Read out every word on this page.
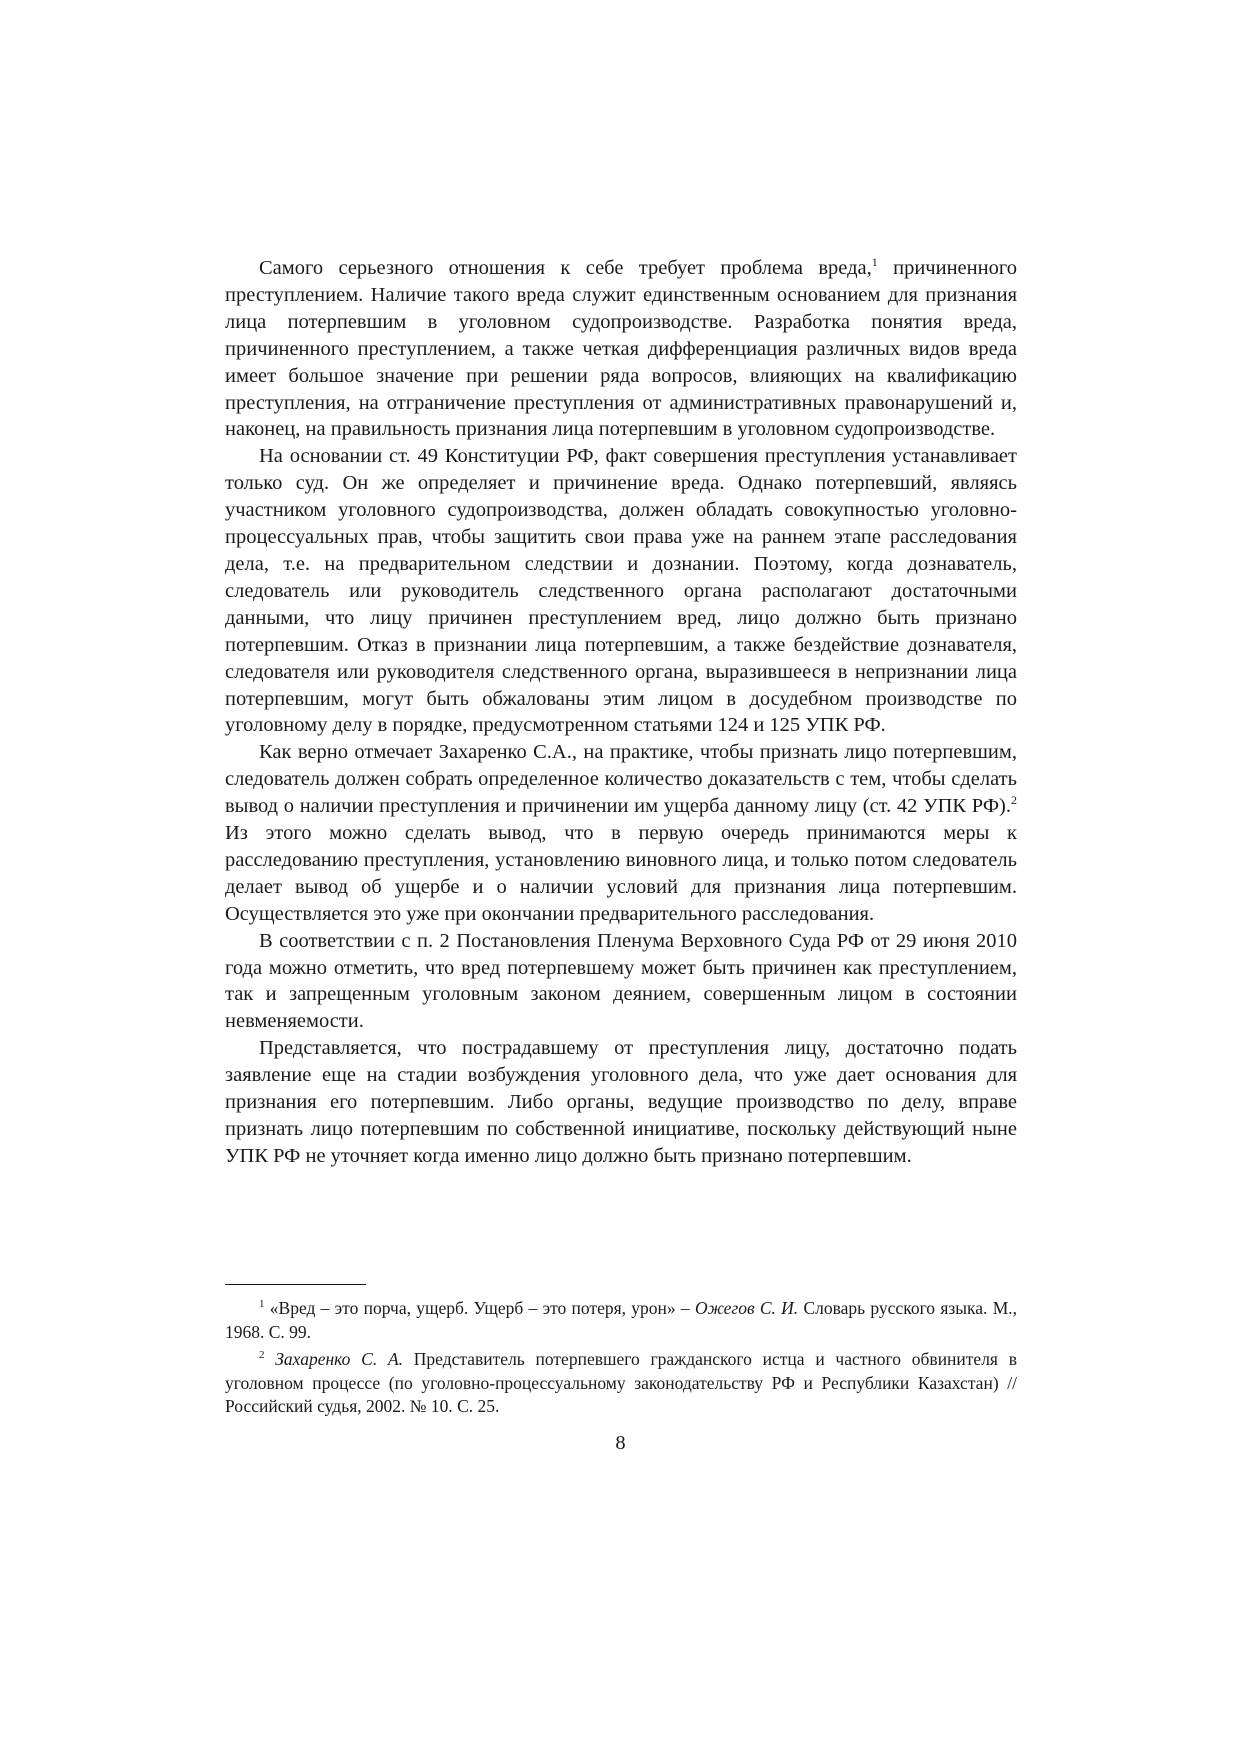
Самого серьезного отношения к себе требует проблема вреда,$^1$ причиненного преступлением. Наличие такого вреда служит единственным основанием для признания лица потерпевшим в уголовном судопроизводстве. Разработка понятия вреда, причиненного преступлением, а также четкая дифференциация различных видов вреда имеет большое значение при решении ряда вопросов, влияющих на квалификацию преступления, на отграничение преступления от административных правонарушений и, наконец, на правильность признания лица потерпевшим в уголовном судопроизводстве.

На основании ст. 49 Конституции РФ, факт совершения преступления устанавливает только суд. Он же определяет и причинение вреда. Однако потерпевший, являясь участником уголовного судопроизводства, должен обладать совокупностью уголовно-процессуальных прав, чтобы защитить свои права уже на раннем этапе расследования дела, т.е. на предварительном следствии и дознании. Поэтому, когда дознаватель, следователь или руководитель следственного органа располагают достаточными данными, что лицу причинен преступлением вред, лицо должно быть признано потерпевшим. Отказ в признании лица потерпевшим, а также бездействие дознавателя, следователя или руководителя следственного органа, выразившееся в непризнании лица потерпевшим, могут быть обжалованы этим лицом в досудебном производстве по уголовному делу в порядке, предусмотренном статьями 124 и 125 УПК РФ.

Как верно отмечает Захаренко С.А., на практике, чтобы признать лицо потерпевшим, следователь должен собрать определенное количество доказательств с тем, чтобы сделать вывод о наличии преступления и причинении им ущерба данному лицу (ст. 42 УПК РФ).$^2$ Из этого можно сделать вывод, что в первую очередь принимаются меры к расследованию преступления, установлению виновного лица, и только потом следователь делает вывод об ущербе и о наличии условий для признания лица потерпевшим. Осуществляется это уже при окончании предварительного расследования.

В соответствии с п. 2 Постановления Пленума Верховного Суда РФ от 29 июня 2010 года можно отметить, что вред потерпевшему может быть причинен как преступлением, так и запрещенным уголовным законом деянием, совершенным лицом в состоянии невменяемости.

Представляется, что пострадавшему от преступления лицу, достаточно подать заявление еще на стадии возбуждения уголовного дела, что уже дает основания для признания его потерпевшим. Либо органы, ведущие производство по делу, вправе признать лицо потерпевшим по собственной инициативе, поскольку действующий ныне УПК РФ не уточняет когда именно лицо должно быть признано потерпевшим.

$^1$ «Вред – это порча, ущерб. Ущерб – это потеря, урон» – Ожегов С. И. Словарь русского языка. М., 1968. С. 99.

$^2$ Захаренко С. А. Представитель потерпевшего гражданского истца и частного обвинителя в уголовном процессе (по уголовно-процессуальному законодательству РФ и Республики Казахстан) // Российский судья, 2002. № 10. С. 25.

8
